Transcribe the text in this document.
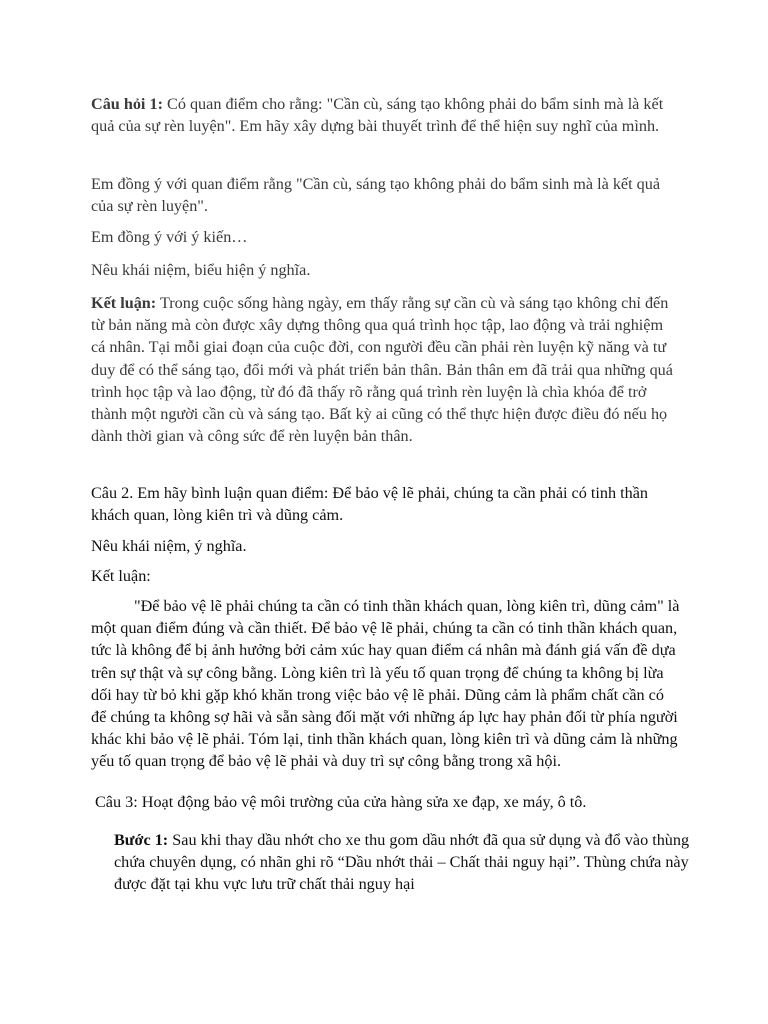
Câu hỏi 1: Có quan điểm cho rằng: "Cần cù, sáng tạo không phải do bẩm sinh mà là kết quả của sự rèn luyện". Em hãy xây dựng bài thuyết trình để thể hiện suy nghĩ của mình.

Em đồng ý với quan điểm rằng "Cần cù, sáng tạo không phải do bẩm sinh mà là kết quả của sự rèn luyện".

Em đồng ý với ý kiến…

Nêu khái niệm, biểu hiện ý nghĩa.

Kết luận: Trong cuộc sống hàng ngày, em thấy rằng sự cần cù và sáng tạo không chỉ đến từ bản năng mà còn được xây dựng thông qua quá trình học tập, lao động và trải nghiệm cá nhân. Tại mỗi giai đoạn của cuộc đời, con người đều cần phải rèn luyện kỹ năng và tư duy để có thể sáng tạo, đổi mới và phát triển bản thân. Bản thân em đã trải qua những quá trình học tập và lao động, từ đó đã thấy rõ rằng quá trình rèn luyện là chìa khóa để trở thành một người cần cù và sáng tạo. Bất kỳ ai cũng có thể thực hiện được điều đó nếu họ dành thời gian và công sức để rèn luyện bản thân.

Câu 2. Em hãy bình luận quan điểm: Để bảo vệ lẽ phải, chúng ta cần phải có tinh thần khách quan, lòng kiên trì và dũng cảm.

Nêu khái niệm, ý nghĩa.

Kết luận:

"Để bảo vệ lẽ phải chúng ta cần có tinh thần khách quan, lòng kiên trì, dũng cảm" là một quan điểm đúng và cần thiết. Để bảo vệ lẽ phải, chúng ta cần có tinh thần khách quan, tức là không để bị ảnh hưởng bởi cảm xúc hay quan điểm cá nhân mà đánh giá vấn đề dựa trên sự thật và sự công bằng. Lòng kiên trì là yếu tố quan trọng để chúng ta không bị lừa dối hay từ bỏ khi gặp khó khăn trong việc bảo vệ lẽ phải. Dũng cảm là phẩm chất cần có để chúng ta không sợ hãi và sẵn sàng đối mặt với những áp lực hay phản đối từ phía người khác khi bảo vệ lẽ phải. Tóm lại, tinh thần khách quan, lòng kiên trì và dũng cảm là những yếu tố quan trọng để bảo vệ lẽ phải và duy trì sự công bằng trong xã hội.

Câu 3: Hoạt động bảo vệ môi trường của cửa hàng sửa xe đạp, xe máy, ô tô.

Bước 1: Sau khi thay dầu nhớt cho xe thu gom dầu nhớt đã qua sử dụng và đổ vào thùng chứa chuyên dụng, có nhãn ghi rõ “Dầu nhớt thải – Chất thải nguy hại”. Thùng chứa này được đặt tại khu vực lưu trữ chất thải nguy hại
